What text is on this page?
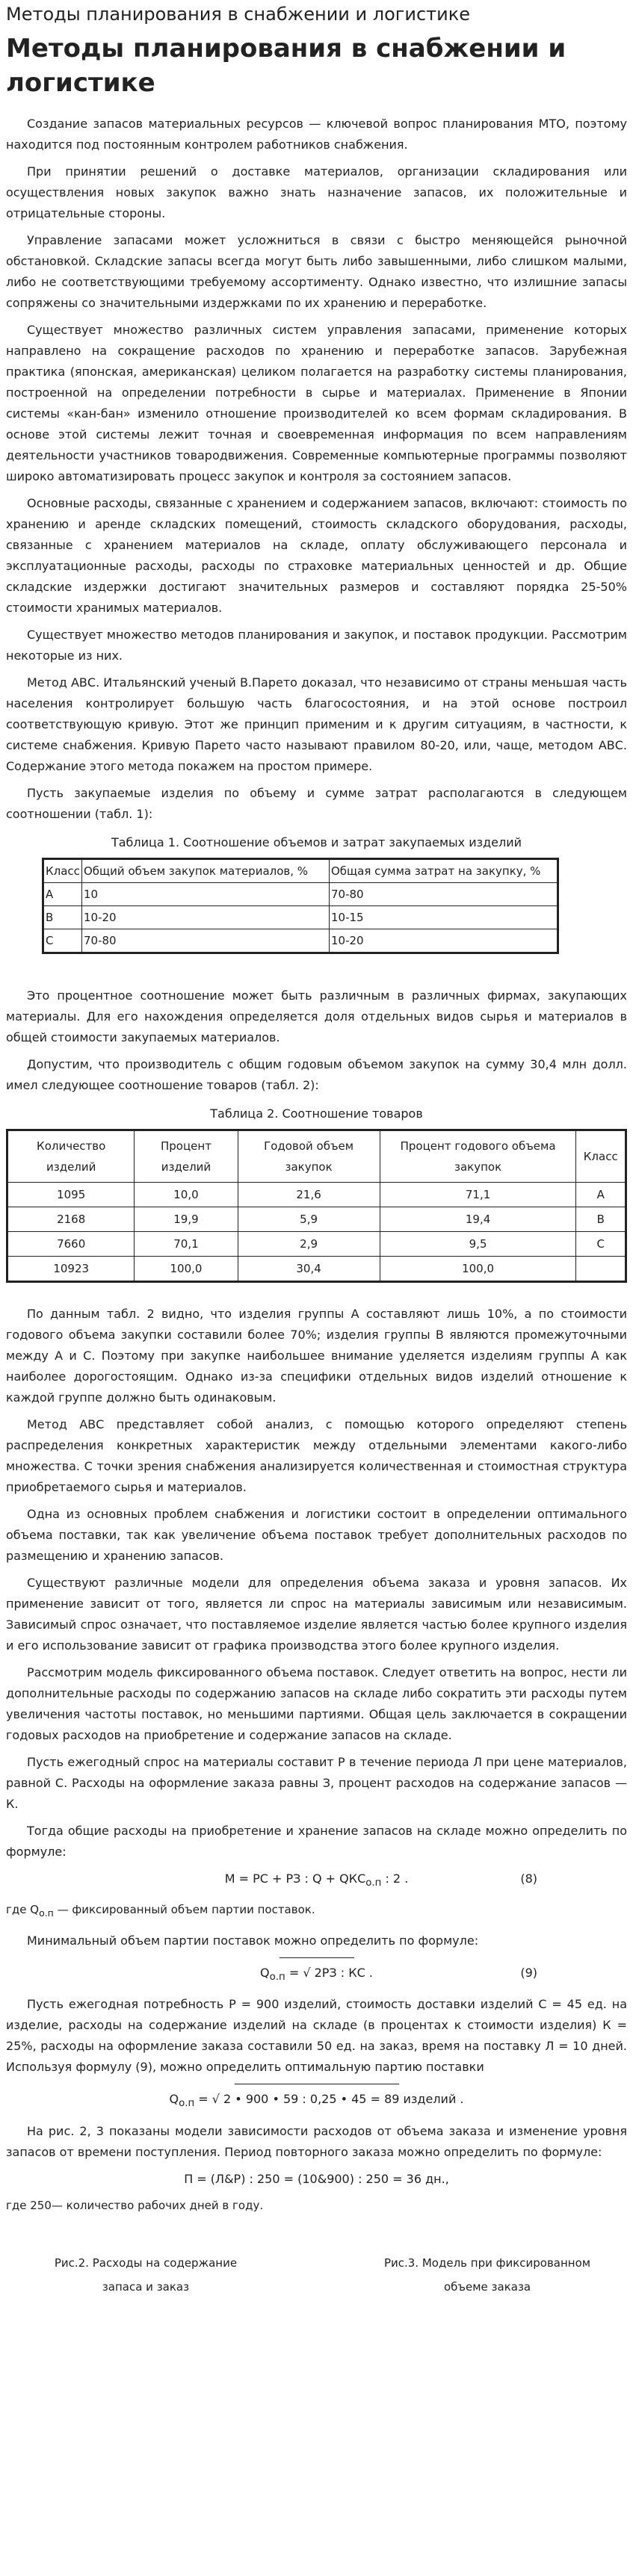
Методы планирования в снабжении и логистике
Методы планирования в снабжении и логистике

Создание запасов материальных ресурсов — ключевой вопрос планирования МТО, поэтому находится под постоянным контролем работников снабжения.

При принятии решений о доставке материалов, организации складирования или осуществления новых закупок важно знать назначение запасов, их положительные и отрицательные стороны.

Управление запасами может усложниться в связи с быстро меняющейся рыночной обстановкой. Складские запасы всегда могут быть либо завышенными, либо слишком малыми, либо не соответствующими требуемому ассортименту. Однако известно, что излишние запасы сопряжены со значительными издержками по их хранению и переработке.

Существует множество различных систем управления запасами, применение которых направлено на сокращение расходов по хранению и переработке запасов. Зарубежная практика (японская, американская) целиком полагается на разработку системы планирования, построенной на определении потребности в сырье и материалах. Применение в Японии системы «кан-бан» изменило отношение производителей ко всем формам складирования. В основе этой системы лежит точная и своевременная информация по всем направлениям деятельности участников товародвижения. Современные компьютерные программы позволяют широко автоматизировать процесс закупок и контроля за состоянием запасов.

Основные расходы, связанные с хранением и содержанием запасов, включают: стоимость по хранению и аренде складских помещений, стоимость складского оборудования, расходы, связанные с хранением материалов на складе, оплату обслуживающего персонала и эксплуатационные расходы, расходы по страховке материальных ценностей и др. Общие складские издержки достигают значительных размеров и составляют порядка 25-50% стоимости хранимых материалов.

Существует множество методов планирования и закупок, и поставок продукции. Рассмотрим некоторые из них.

Метод АВС. Итальянский ученый В.Парето доказал, что независимо от страны меньшая часть населения контролирует большую часть благосостояния, и на этой основе построил соответствующую кривую. Этот же принцип применим и к другим ситуациям, в частности, к системе снабжения. Кривую Парето часто называют правилом 80-20, или, чаще, методом АВС. Содержание этого метода покажем на простом примере.

Пусть закупаемые изделия по объему и сумме затрат располагаются в следующем соотношении (табл. 1):

Таблица 1. Соотношение объемов и затрат закупаемых изделий
Класс	Общий объем закупок материалов, %	Общая сумма затрат на закупку, %
А	10	70-80
В	10-20	10-15
С	70-80	10-20

Это процентное соотношение может быть различным в различных фирмах, закупающих материалы. Для его нахождения определяется доля отдельных видов сырья и материалов в общей стоимости закупаемых материалов.

Допустим, что производитель с общим годовым объемом закупок на сумму 30,4 млн долл. имел следующее соотношение товаров (табл. 2):

Таблица 2. Соотношение товаров
Количество изделий	Процент изделий	Годовой объем закупок	Процент годового объема закупок	Класс
1095	10,0	21,6	71,1	А
2168	19,9	5,9	19,4	В
7660	70,1	2,9	9,5	С
10923	100,0	30,4	100,0	

По данным табл. 2 видно, что изделия группы А составляют лишь 10%, а по стоимости годового объема закупки составили более 70%; изделия группы В являются промежуточными между А и С. Поэтому при закупке наибольшее внимание уделяется изделиям группы А как наиболее дорогостоящим. Однако из-за специфики отдельных видов изделий отношение к каждой группе должно быть одинаковым.

Метод АВС представляет собой анализ, с помощью которого определяют степень распределения конкретных характеристик между отдельными элементами какого-либо множества. С точки зрения снабжения анализируется количественная и стоимостная структура приобретаемого сырья и материалов.

Одна из основных проблем снабжения и логистики состоит в определении оптимального объема поставки, так как увеличение объема поставок требует дополнительных расходов по размещению и хранению запасов.

Существуют различные модели для определения объема заказа и уровня запасов. Их применение зависит от того, является ли спрос на материалы зависимым или независимым. Зависимый спрос означает, что поставляемое изделие является частью более крупного изделия и его использование зависит от графика производства этого более крупного изделия.

Рассмотрим модель фиксированного объема поставок. Следует ответить на вопрос, нести ли дополнительные расходы по содержанию запасов на складе либо сократить эти расходы путем увеличения частоты поставок, но меньшими партиями. Общая цель заключается в сокращении годовых расходов на приобретение и содержание запасов на складе.

Пусть ежегодный спрос на материалы составит Р в течение периода Л при цене материалов, равной С. Расходы на оформление заказа равны З, процент расходов на содержание запасов — К.

Тогда общие расходы на приобретение и хранение запасов на складе можно определить по формуле:

М = РС + РЗ : $Q + QКС_{о.п}$ : 2 .	(8)
где $Q_{о.п}$ — фиксированный объем партии поставок.

Минимальный объем партии поставок можно определить по формуле:

$Q_{о.п}$ = √ 2РЗ : КС .	(9)

Пусть ежегодная потребность Р = 900 изделий, стоимость доставки изделий С = 45 ед. на изделие, расходы на содержание изделий на складе (в процентах к стоимости изделия) К = 25%, расходы на оформление заказа составили 50 ед. на заказ, время на поставку Л = 10 дней. Используя формулу (9), можно определить оптимальную партию поставки

$Q_{о.п}$ = √ 2 • 900 • 59 : 0,25 • 45 = 89 изделий .

На рис. 2, 3 показаны модели зависимости расходов от объема заказа и изменение уровня запасов от времени поступления. Период повторного заказа можно определить по формуле:

П = (Л&Р) : 250 = (10&900) : 250 = 36 дн.,
где 250— количество рабочих дней в году.
Рис.2. Расходы на содержание
запаса и заказ
Рис.3. Модель при фиксированном
объеме заказа
